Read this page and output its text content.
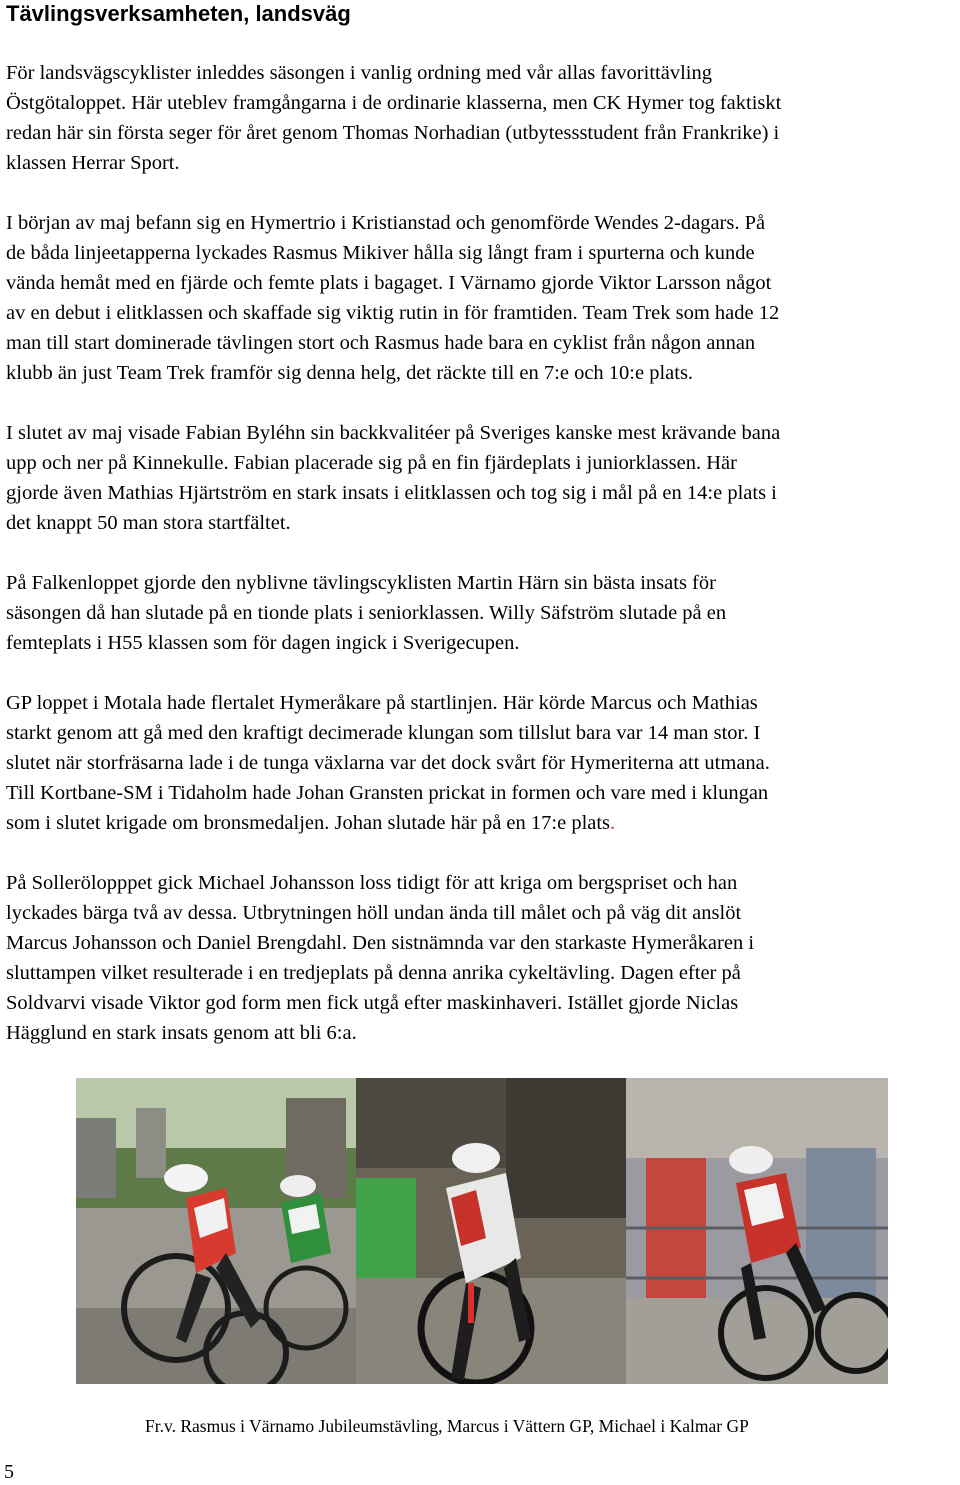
Tävlingsverksamheten, landsväg

För landsvägscyklister inleddes säsongen i vanlig ordning med vår allas favorittävling
Östgötaloppet. Här uteblev framgångarna i de ordinarie klasserna, men CK Hymer tog faktiskt
redan här sin första seger för året genom Thomas Norhadian (utbytessstudent från Frankrike) i
klassen Herrar Sport.

I början av maj befann sig en Hymertrio i Kristianstad och genomförde Wendes 2-dagars. På
de båda linjeetapperna lyckades Rasmus Mikiver hålla sig långt fram i spurterna och kunde
vända hemåt med en fjärde och femte plats i bagaget. I Värnamo gjorde Viktor Larsson något
av en debut i elitklassen och skaffade sig viktig rutin in för framtiden. Team Trek som hade 12
man till start dominerade tävlingen stort och Rasmus hade bara en cyklist från någon annan
klubb än just Team Trek framför sig denna helg, det räckte till en 7:e och 10:e plats.

I slutet av maj visade Fabian Byléhn sin backkvalitéer på Sveriges kanske mest krävande bana
upp och ner på Kinnekulle. Fabian placerade sig på en fin fjärdeplats i juniorklassen. Här
gjorde även Mathias Hjärtström en stark insats i elitklassen och tog sig i mål på en 14:e plats i
det knappt 50 man stora startfältet.

På Falkenloppet gjorde den nyblivne tävlingscyklisten Martin Härn sin bästa insats för
säsongen då han slutade på en tionde plats i seniorklassen. Willy Säfström slutade på en
femteplats i H55 klassen som för dagen ingick i Sverigecupen.

GP loppet i Motala hade flertalet Hymeråkare på startlinjen. Här körde Marcus och Mathias
starkt genom att gå med den kraftigt decimerade klungan som tillslut bara var 14 man stor. I
slutet när storfräsarna lade i de tunga växlarna var det dock svårt för Hymeriterna att utmana.
Till Kortbane-SM i Tidaholm hade Johan Gransten prickat in formen och vare med i klungan
som i slutet krigade om bronsmedaljen. Johan slutade här på en 17:e plats.

På Sollerölopppet gick Michael Johansson loss tidigt för att kriga om bergspriset och han
lyckades bärga två av dessa. Utbrytningen höll undan ända till målet och på väg dit anslöt
Marcus Johansson och Daniel Brengdahl. Den sistnämnda var den starkaste Hymeråkaren i
sluttampen vilket resulterade i en tredjeplats på denna anrika cykeltävling. Dagen efter på
Soldvarvi visade Viktor god form men fick utgå efter maskinhaveri. Istället gjorde Niclas
Hägglund en stark insats genom att bli 6:a.

Fr.v. Rasmus i Värnamo Jubileumstävling, Marcus i Vättern GP, Michael i Kalmar GP
5
